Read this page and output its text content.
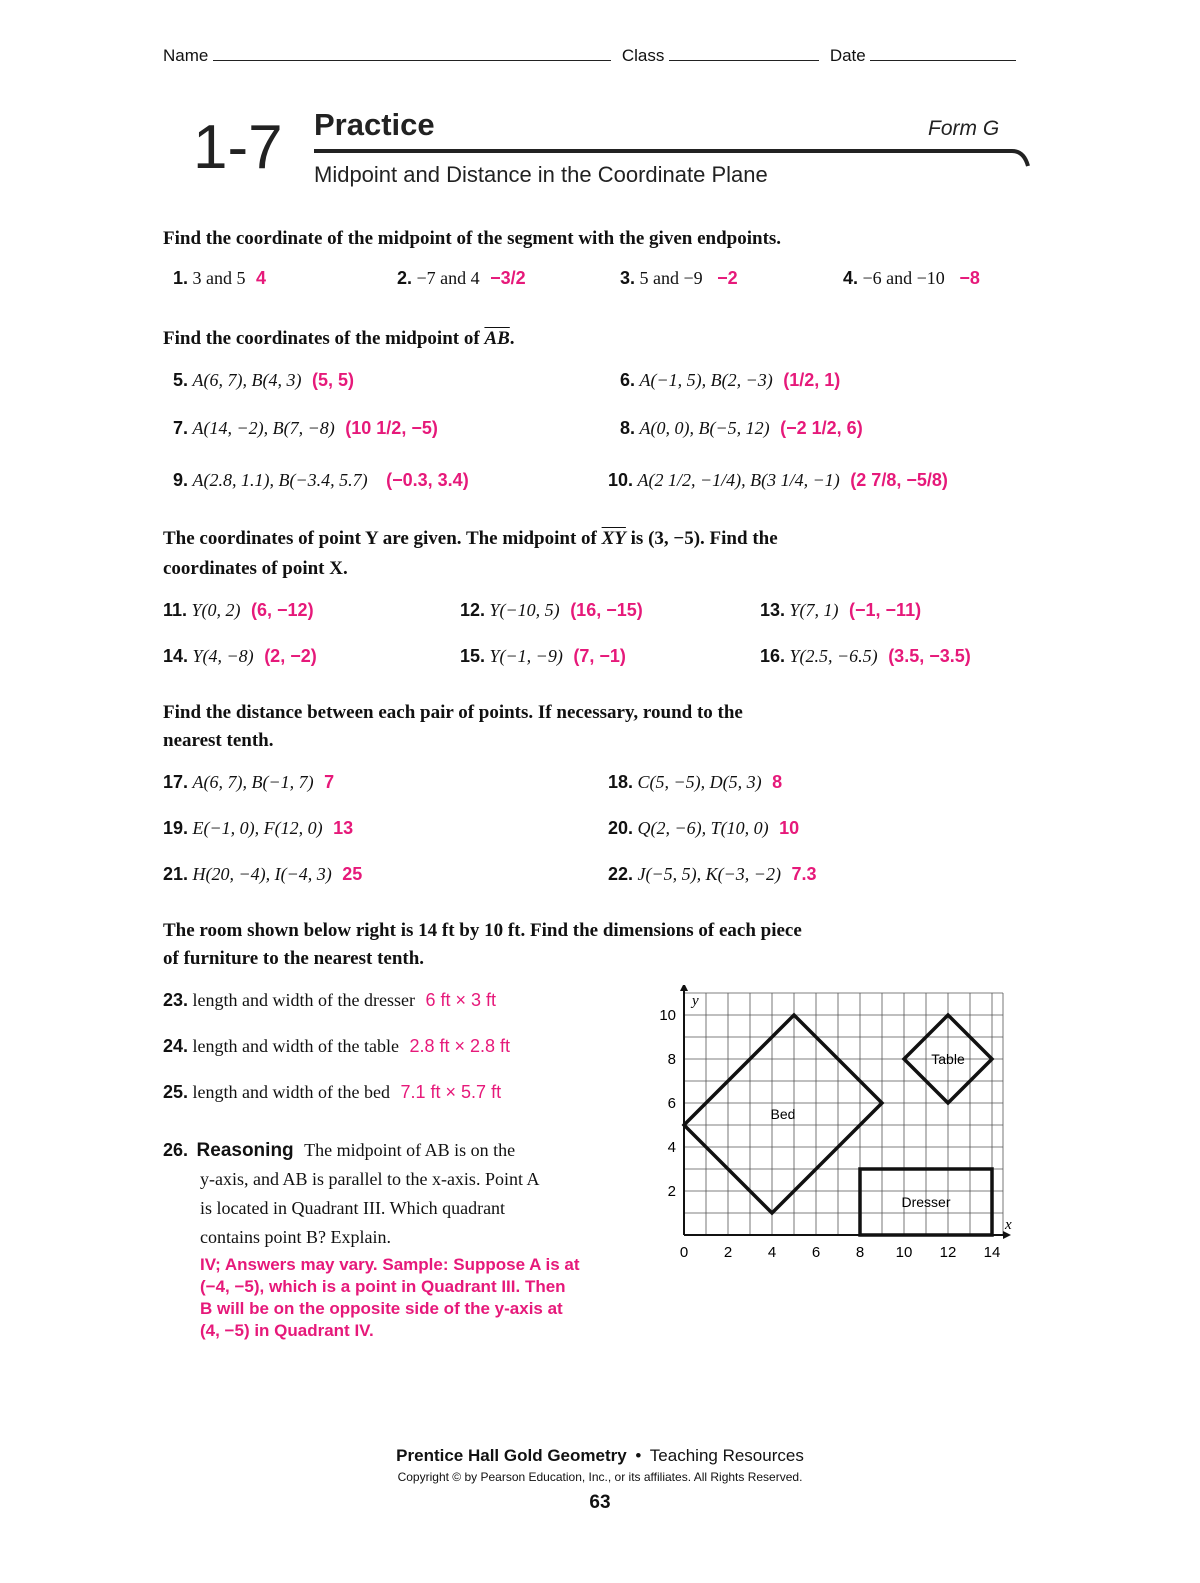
Name	Class	Date
1-7 Practice	Form G
Midpoint and Distance in the Coordinate Plane
Find the coordinate of the midpoint of the segment with the given endpoints.
1. 3 and 5 4	2. −7 and 4 −3/2	3. 5 and −9 −2	4. −6 and −10 −8
Find the coordinates of the midpoint of $\overline{AB}$.
5. A(6, 7), B(4, 3) (5, 5)	6. A(−1, 5), B(2, −3) (1/2, 1)
7. A(14, −2), B(7, −8) (10 1/2, −5)	8. A(0, 0), B(−5, 12) (−2 1/2, 6)
9. A(2.8, 1.1), B(−3.4, 5.7) (−0.3, 3.4)	10. A(2 1/2, −1/4), B(3 1/4, −1) (2 7/8, −5/8)
The coordinates of point Y are given. The midpoint of $\overline{XY}$ is (3, −5). Find the
coordinates of point X.
11. Y(0, 2) (6, −12)	12. Y(−10, 5) (16, −15)	13. Y(7, 1) (−1, −11)
14. Y(4, −8) (2, −2)	15. Y(−1, −9) (7, −1)	16. Y(2.5, −6.5) (3.5, −3.5)
Find the distance between each pair of points. If necessary, round to the
nearest tenth.
17. A(6, 7), B(−1, 7) 7	18. C(5, −5), D(5, 3) 8
19. E(−1, 0), F(12, 0) 13	20. Q(2, −6), T(10, 0) 10
21. H(20, −4), I(−4, 3) 25	22. J(−5, 5), K(−3, −2) 7.3
The room shown below right is 14 ft by 10 ft. Find the dimensions of each piece
of furniture to the nearest tenth.
23. length and width of the dresser 6 ft × 3 ft
24. length and width of the table 2.8 ft × 2.8 ft
25. length and width of the bed 7.1 ft × 5.7 ft
26. Reasoning The midpoint of AB is on the
y-axis, and AB is parallel to the x-axis. Point A
is located in Quadrant III. Which quadrant
contains point B? Explain.
IV; Answers may vary. Sample: Suppose A is at
(−4, −5), which is a point in Quadrant III. Then
B will be on the opposite side of the y-axis at
(4, −5) in Quadrant IV.
x
y
0 2 4 6 8 10 12 14
2
4
6
8
10
Bed
Table
Dresser
Prentice Hall Gold Geometry • Teaching Resources
Copyright © by Pearson Education, Inc., or its affiliates. All Rights Reserved.
63
